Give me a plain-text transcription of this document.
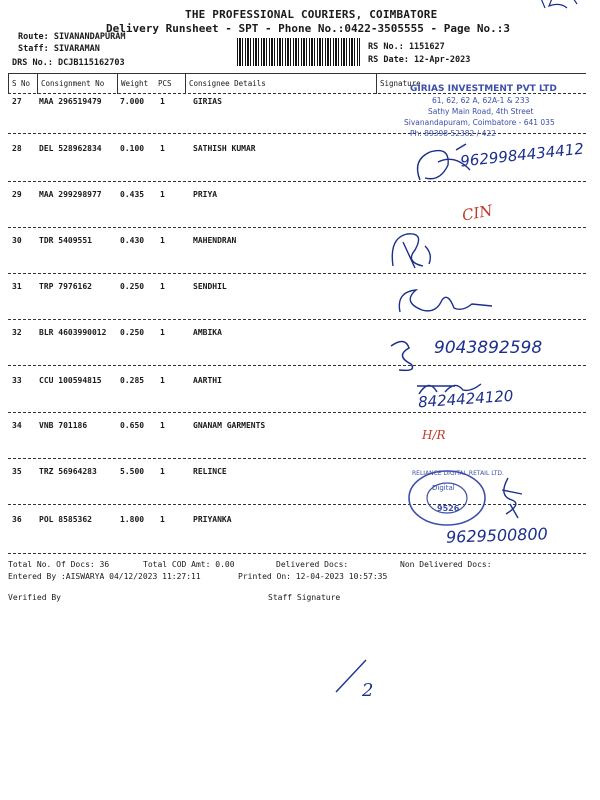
THE PROFESSIONAL COURIERS, COIMBATORE
Delivery Runsheet - SPT - Phone No.:0422-3505555 - Page No.:3
Route: SIVANANDAPURAM
Staff: SIVARAMAN
DRS No.: DCJB115162703
RS No.: 1151627
RS Date: 12-Apr-2023
S No Consignment No Weight PCS Consignee Details	Signature
27 MAA 296519479 7.000 1	GIRIAS
28 DEL 528962834 0.100 1	SATHISH KUMAR
29 MAA 299298977 0.435 1	PRIYA
30 TDR 5409551	0.430 1	MAHENDRAN
31 TRP 7976162	0.250 1	SENDHIL
32 BLR 4603990012 0.250 1	AMBIKA
33 CCU 100594815 0.285 1	AARTHI
34 VNB 701186	0.650 1	GNANAM GARMENTS
35 TRZ 56964283	5.500 1	RELINCE
36 POL 8585362	1.800 1	PRIYANKA
GIRIAS INVESTMENT PVT LTD
61, 62, 62 A, 62A-1 & 233
Sathy Main Road, 4th Street
Sivanandapuram, Coimbatore - 641 035
Ph: 89398 52382 / 422
9629984434412
CIN
9043892598
8424424120
H/R
RELIANCE DIGITAL RETAIL LTD.
Digital
9526
9629500800
Total No. Of Docs: 36	Total COD Amt: 0.00	Delivered Docs:	Non Delivered Docs:
Entered By :AISWARYA 04/12/2023 11:27:11	Printed On: 12-04-2023 10:57:35
Verified By	Staff Signature
2
